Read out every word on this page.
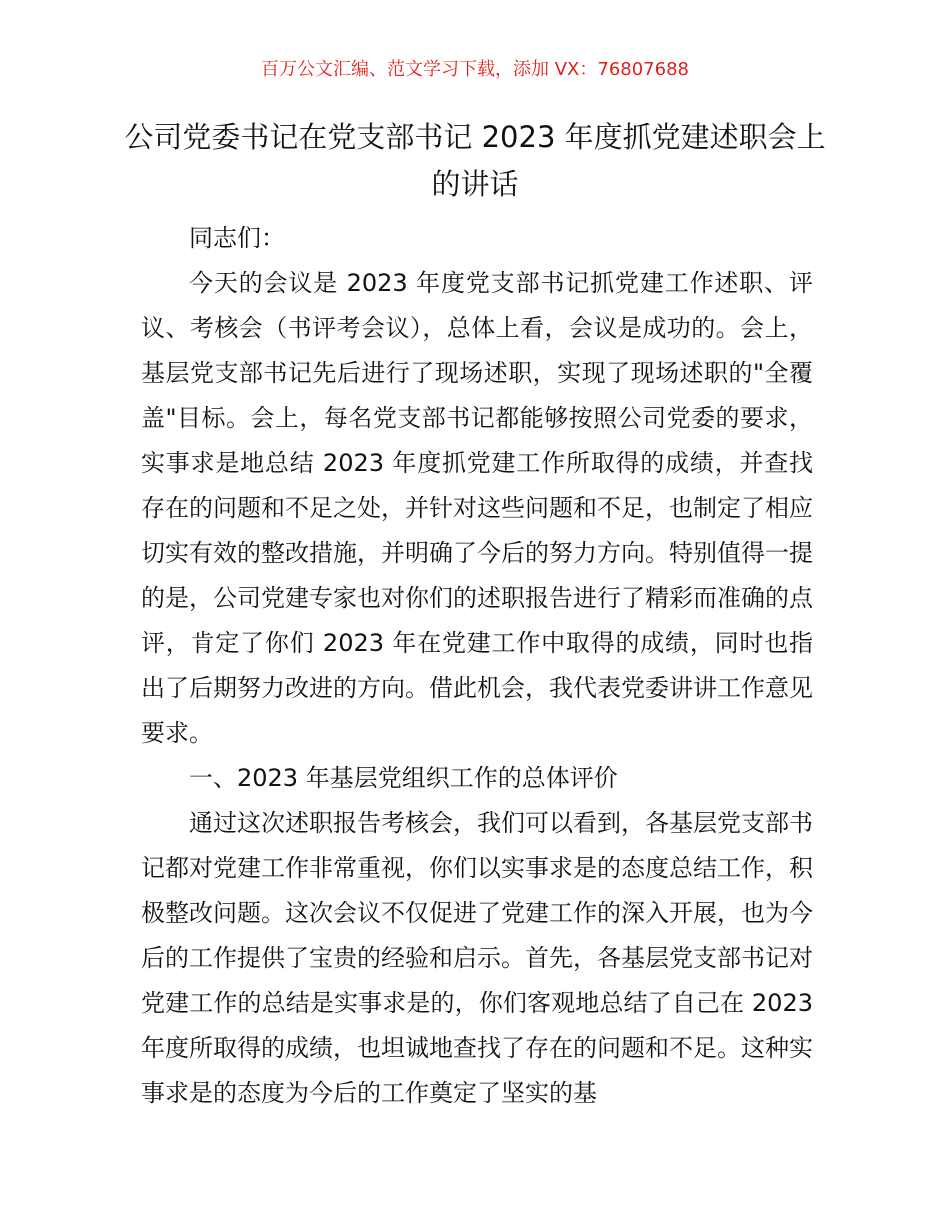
百万公文汇编、范文学习下载，添加 VX：76807688
公司党委书记在党支部书记 2023 年度抓党建述职会上的讲话

同志们：

今天的会议是 2023 年度党支部书记抓党建工作述职、评议、考核会（书评考会议），总体上看，会议是成功的。会上，基层党支部书记先后进行了现场述职，实现了现场述职的"全覆盖"目标。会上，每名党支部书记都能够按照公司党委的要求，实事求是地总结 2023 年度抓党建工作所取得的成绩，并查找存在的问题和不足之处，并针对这些问题和不足，也制定了相应切实有效的整改措施，并明确了今后的努力方向。特别值得一提的是，公司党建专家也对你们的述职报告进行了精彩而准确的点评，肯定了你们 2023 年在党建工作中取得的成绩，同时也指出了后期努力改进的方向。借此机会，我代表党委讲讲工作意见要求。

一、2023 年基层党组织工作的总体评价

通过这次述职报告考核会，我们可以看到，各基层党支部书记都对党建工作非常重视，你们以实事求是的态度总结工作，积极整改问题。这次会议不仅促进了党建工作的深入开展，也为今后的工作提供了宝贵的经验和启示。首先，各基层党支部书记对党建工作的总结是实事求是的，你们客观地总结了自己在 2023 年度所取得的成绩，也坦诚地查找了存在的问题和不足。这种实事求是的态度为今后的工作奠定了坚实的基
